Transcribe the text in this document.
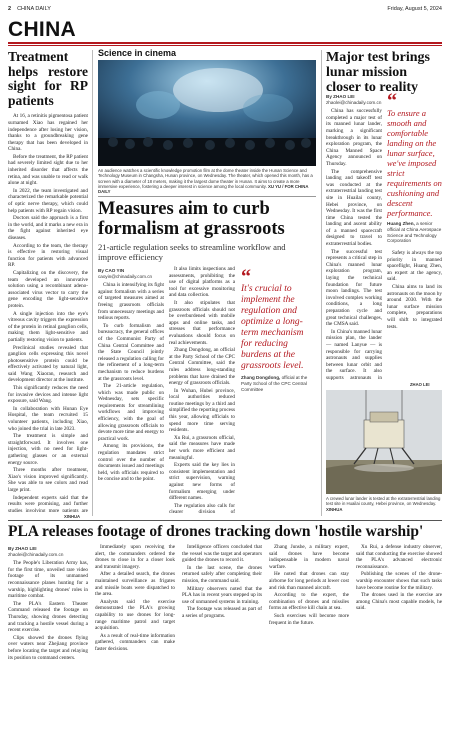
2 CHINA DAILY	Friday, August 5, 2024
CHINA
Treatment helps restore sight for RP patients

At 16, a retinitis pigmentosa patient surnamed Xiao has regained her independence after losing her vision, thanks to a groundbreaking gene therapy that has been developed in China.

Before the treatment, the RP patient had severely limited sight due to her inherited disorder that affects the retina, and was unable to read or walk alone at night.

In 2022, the team investigated and characterized the remarkable potential of optic nerve therapy, which could help patients with RP regain vision.

Doctors said the approach is a first in the world, and it marks a new era in the fight against inherited eye diseases.

According to the team, the therapy is effective in restoring visual function for patients with advanced RP.

Capitalizing on the discovery, the team developed an innovative solution using a recombinant adeno-associated virus vector to carry the gene encoding the light-sensitive protein.

A single injection into the eye's vitreous cavity triggers the expression of the protein in retinal ganglion cells, making them light-sensitive and partially restoring vision to patients.

Preclinical studies revealed that ganglion cells expressing this novel photosensitive protein could be effectively activated by natural light, said Wang Xiaoran, research and development director at the institute.

This significantly reduces the need for invasive devices and intense light exposure, said Wang.

In collaboration with Hunan Eye Hospital, the team recruited 15 volunteer patients, including Xiao, who joined the trial in late 2023.

The treatment is simple and straightforward. It involves one injection, with no need for light-gathering glasses or an external energy source.

Three months after treatment, Xiao's vision improved significantly. She was able to see colors and read large print.

Independent experts said that the results were promising, and further studies involving more patients are

XINHUA
Science in cinema
An audience watches a scientific knowledge promotion film at the dome theater inside the Hunan Science and Technology Museum in Changsha, Hunan province, on Wednesday. The theater, which opened this month, has a screen with a diameter of 18 meters, making it the largest dome theater in Hunan. It aims to create a more immersive experience, fostering a deeper interest in science among the local community. XU YU / FOR CHINA DAILY
Measures aim to curb formalism at grassroots
21-article regulation seeks to streamline workflow and improve efficiency
By CAO YIN
caoyin@chinadaily.com.cn

China is intensifying its fight against formalism with a series of targeted measures aimed at freeing grassroots officials from unnecessary meetings and tedious reports.

To curb formalism and bureaucracy, the general offices of the Communist Party of China Central Committee and the State Council jointly released a regulation calling for the refinement of a long-term mechanism to reduce burdens at the grassroots level.

The 21-article regulation, which was made public on Wednesday, sets specific requirements for streamlining workflows and improving efficiency, with the goal of allowing grassroots officials to devote more time and energy to practical work.

Among its provisions, the regulation mandates strict control over the number of documents issued and meetings held, with officials required to be concise and to the point.

It also limits inspections and assessments, prohibiting the use of digital platforms as a tool for excessive monitoring and data collection.

It also stipulates that grassroots officials should not be overburdened with mobile apps and online tasks, and stresses that performance evaluations should focus on real achievements.

Zhang Dongdong, an official at the Party School of the CPC Central Committee, said the rules address long-standing problems that have drained the energy of grassroots officials.

In Wuhan, Hubei province, local authorities reduced routine meetings by a third and simplified the reporting process this year, allowing officials to spend more time serving residents.

Xu Rui, a grassroots official, said the measures have made her work more efficient and meaningful.

Experts said the key lies in consistent implementation and strict supervision, warning against new forms of formalism emerging under different names.

The regulation also calls for clearer division of

“
It's crucial to implement the regulation and optimize a long-term mechanism for reducing burdens at the grassroots level.
Zhang Dongdong, official at the Party School of the CPC Central Committee
Major test brings lunar mission closer to reality
By ZHAO LEI
zhaolei@chinadaily.com.cn

China has successfully completed a major test of its manned lunar lander, marking a significant breakthrough in its lunar exploration program, the China Manned Space Agency announced on Thursday.

The comprehensive landing and takeoff test was conducted at the extraterrestrial landing test site in Huailai county, Hebei province, on Wednesday. It was the first time China tested the landing and ascent ability of a manned spacecraft designed to travel to extraterrestrial bodies.

The successful test represents a critical step in China's manned lunar exploration program, laying the technical foundation for future moon landings. The test involved complex working conditions, a long preparation cycle and great technical challenges, the CMSA said.

In China's manned lunar mission plan, the lander — named Lanyue — is responsible for carrying astronauts and supplies between lunar orbit and the surface. It also supports astronauts in

“
To ensure a smooth and comfortable landing on the lunar surface, we've imposed strict requirements on cushioning and descent performance.
Huang Zhen, a senior official at China Aerospace Science and Technology Corporation

Safety is always the top priority in manned spaceflight, Huang Zhen, an expert at the agency, said.

China aims to land its astronauts on the moon by around 2030. With the lunar surface mission complete, preparations will shift to integrated tests.

ZHAO LEI
A crewed lunar lander is tested at the extraterrestrial landing test site in Huailai county, Hebei province, on Wednesday. XINHUA
PLA releases footage of drones tracking down 'hostile warship'
By ZHAO LEI
zhaolei@chinadaily.com.cn

The People's Liberation Army has, for the first time, unveiled rare video footage of its unmanned reconnaissance planes hunting for a warship, highlighting drones' roles in maritime combat.

The PLA's Eastern Theater Command released the footage on Thursday, showing drones detecting and tracking a hostile vessel during a recent exercise.

Clips showed the drones flying over waters near Zhejiang province before locating the target and relaying its position to command centers.

Immediately upon receiving the alert, the commanders ordered the drones to close in for a closer look and transmit imagery.

After a detailed search, the drones maintained surveillance as frigates and missile boats were dispatched to the area.

Analysts said the exercise demonstrated the PLA's growing capability to use drones for long-range maritime patrol and target acquisition.

As a result of real-time information gathered, commanders can make faster decisions.

Intelligence officers concluded that the vessel was the target and operators guided the drones to record it.

In the last scene, the drones returned safely after completing their mission, the command said.

Military observers noted that the PLA has in recent years stepped up its use of unmanned systems in training.

The footage was released as part of a series of programs.

Zhang Junshe, a military expert, said drones have become indispensable in modern naval warfare.

He noted that drones can stay airborne for long periods at lower cost and risk than manned aircraft.

According to the expert, the combination of drones and missiles forms an effective kill chain at sea.

Such exercises will become more frequent in the future.

Xu Rui, a defense industry observer, said that conducting the exercise showed the PLA's advanced electronic reconnaissance.

Publishing the scenes of the drone-warship encounter shows that such tasks have become routine for the military.

The drones used in the exercise are among China's most capable models, he said.
